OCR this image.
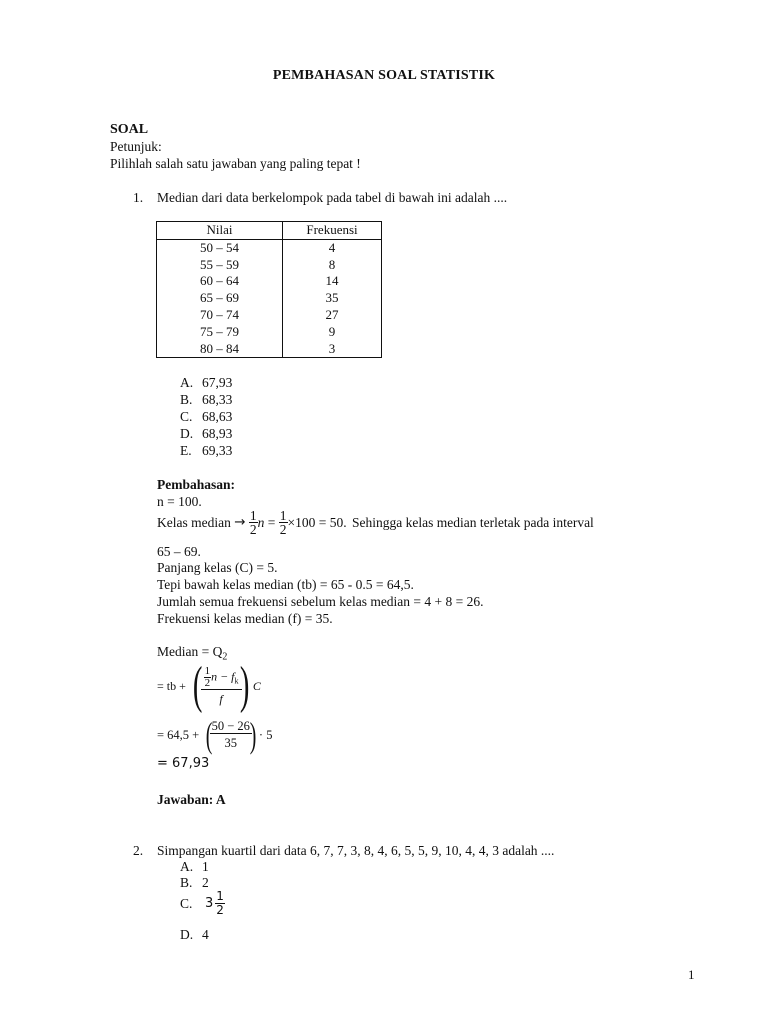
PEMBAHASAN SOAL STATISTIK
SOAL
Petunjuk:
Pilihlah salah satu jawaban yang paling tepat !
1. Median dari data berkelompok pada tabel di bawah ini adalah ....
Nilai	Frekuensi
50 – 54	4
55 – 59	8
60 – 64	14
65 – 69	35
70 – 74	27
75 – 79	9
80 – 84	3
A. 67,93
B. 68,33
C. 68,63
D. 68,93
E. 69,33
Pembahasan:
n = 100.
Kelas median → $\frac{1}{2}$ $n = \frac{1}{2} \times 100 = 50$. Sehingga kelas median terletak pada interval
65 – 69.
Panjang kelas (C) = 5.
Tepi bawah kelas median (tb) = 65 - 0.5 = 64,5.
Jumlah semua frekuensi sebelum kelas median = 4 + 8 = 26.
Frekuensi kelas median (f) = 35.
Median = $Q_2$
= tb + (
$\frac{\frac{1}{2} n - f_k}{f}$
) C
= 64,5 + (
$\frac{50 - 26}{35}$
) · 5
= 67,93
Jawaban: A
2. Simpangan kuartil dari data 6, 7, 7, 3, 8, 4, 6, 5, 5, 9, 10, 4, 4, 3 adalah ....
A. 1
B. 2
C. $3 \frac{1}{2}$
D. 4
1
